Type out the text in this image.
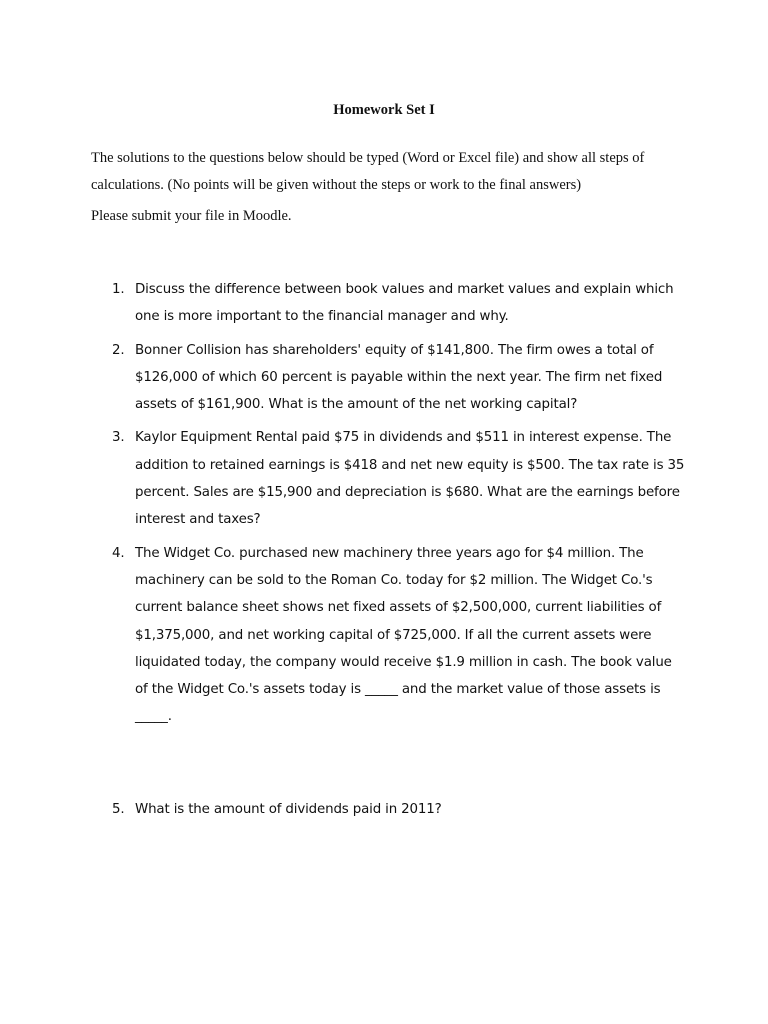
Homework Set I

The solutions to the questions below should be typed (Word or Excel file) and show all steps of calculations. (No points will be given without the steps or work to the final answers)

Please submit your file in Moodle.

1. Discuss the difference between book values and market values and explain which one is more important to the financial manager and why.
2. Bonner Collision has shareholders' equity of $141,800. The firm owes a total of $126,000 of which 60 percent is payable within the next year. The firm net fixed assets of $161,900. What is the amount of the net working capital?
3. Kaylor Equipment Rental paid $75 in dividends and $511 in interest expense. The addition to retained earnings is $418 and net new equity is $500. The tax rate is 35 percent. Sales are $15,900 and depreciation is $680. What are the earnings before interest and taxes?
4. The Widget Co. purchased new machinery three years ago for $4 million. The machinery can be sold to the Roman Co. today for $2 million. The Widget Co.'s current balance sheet shows net fixed assets of $2,500,000, current liabilities of $1,375,000, and net working capital of $725,000. If all the current assets were liquidated today, the company would receive $1.9 million in cash. The book value of the Widget Co.'s assets today is _____ and the market value of those assets is _____.
5. What is the amount of dividends paid in 2011?
